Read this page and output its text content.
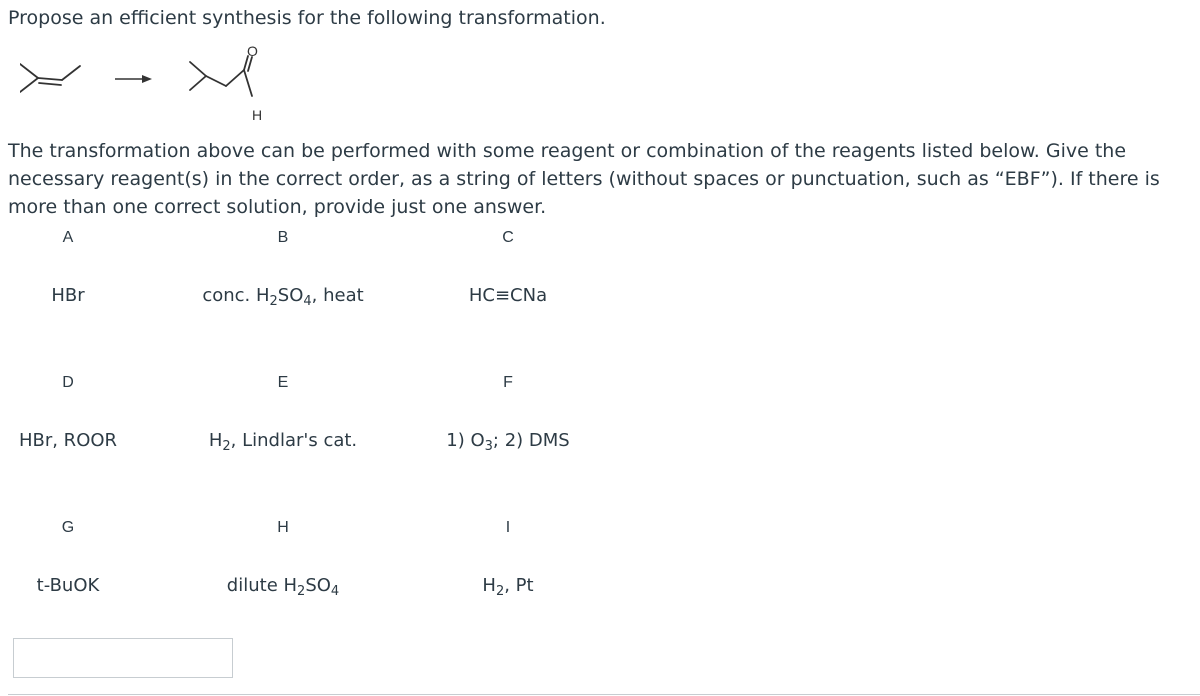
Propose an efficient synthesis for the following transformation.
O
H
The transformation above can be performed with some reagent or combination of the reagents listed below. Give the necessary reagent(s) in the correct order, as a string of letters (without spaces or punctuation, such as “EBF”). If there is more than one correct solution, provide just one answer.
A
HBr
B
conc. $H_2SO_4$, heat
C
HC≡CNa
D
HBr, ROOR
E
$H_2$, Lindlar's cat.
F
1) $O_3$; 2) DMS
G
t-BuOK
H
dilute $H_2SO_4$
I
$H_2$, Pt
